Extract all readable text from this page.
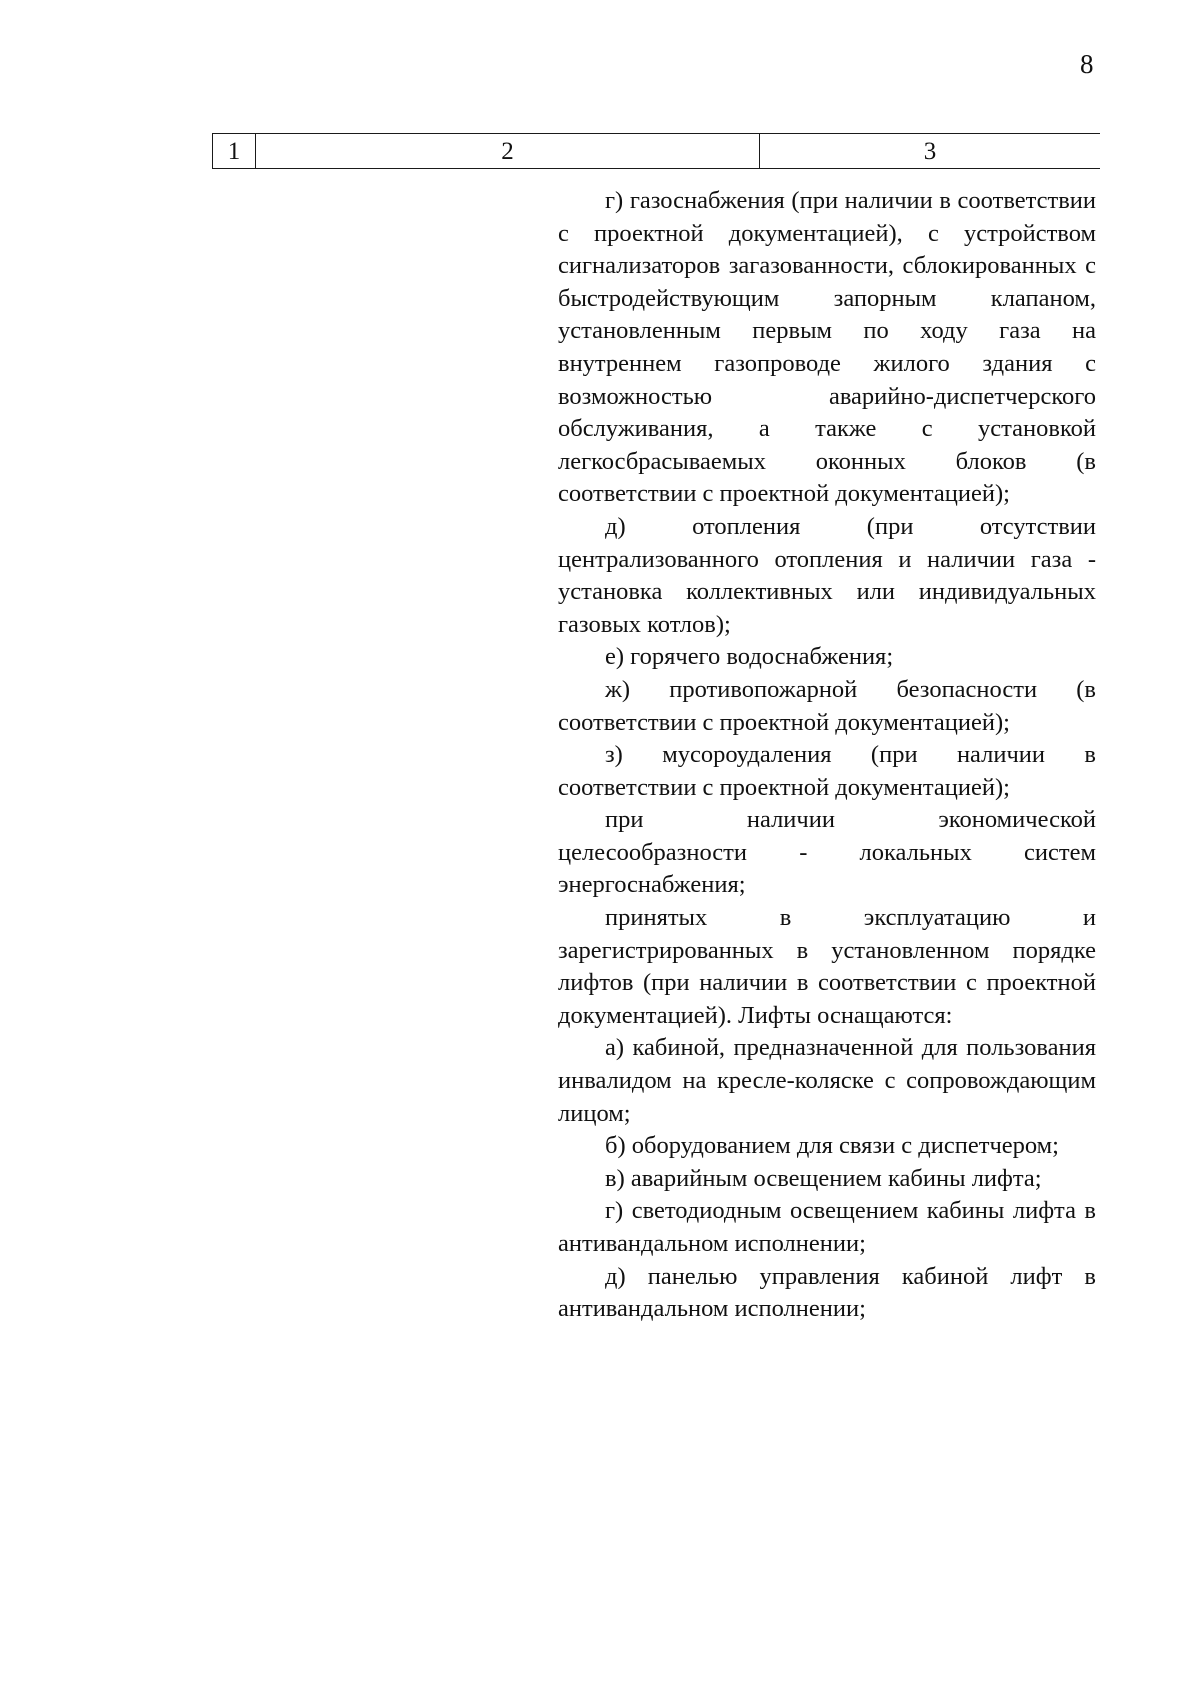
8
1	2	3

г) газоснабжения (при наличии в соответствии с проектной документацией), с устройством сигнализаторов загазованности, сблокированных с быстродействующим запорным клапаном, установленным первым по ходу газа на внутреннем газопроводе жилого здания с возможностью аварийно-диспетчерского обслуживания, а также с установкой легкосбрасываемых оконных блоков (в соответствии с проектной документацией);

д) отопления (при отсутствии централизованного отопления и наличии газа - установка коллективных или индивидуальных газовых котлов);

е) горячего водоснабжения;

ж) противопожарной безопасности (в соответствии с проектной документацией);

з) мусороудаления (при наличии в соответствии с проектной документацией);

при наличии экономической целесообразности - локальных систем энергоснабжения;

принятых в эксплуатацию и зарегистрированных в установленном порядке лифтов (при наличии в соответствии с проектной документацией). Лифты оснащаются:

а) кабиной, предназначенной для пользования инвалидом на кресле-коляске с сопровождающим лицом;

б) оборудованием для связи с диспетчером;

в) аварийным освещением кабины лифта;

г) светодиодным освещением кабины лифта в антивандальном исполнении;

д) панелью управления кабиной лифт в антивандальном исполнении;
